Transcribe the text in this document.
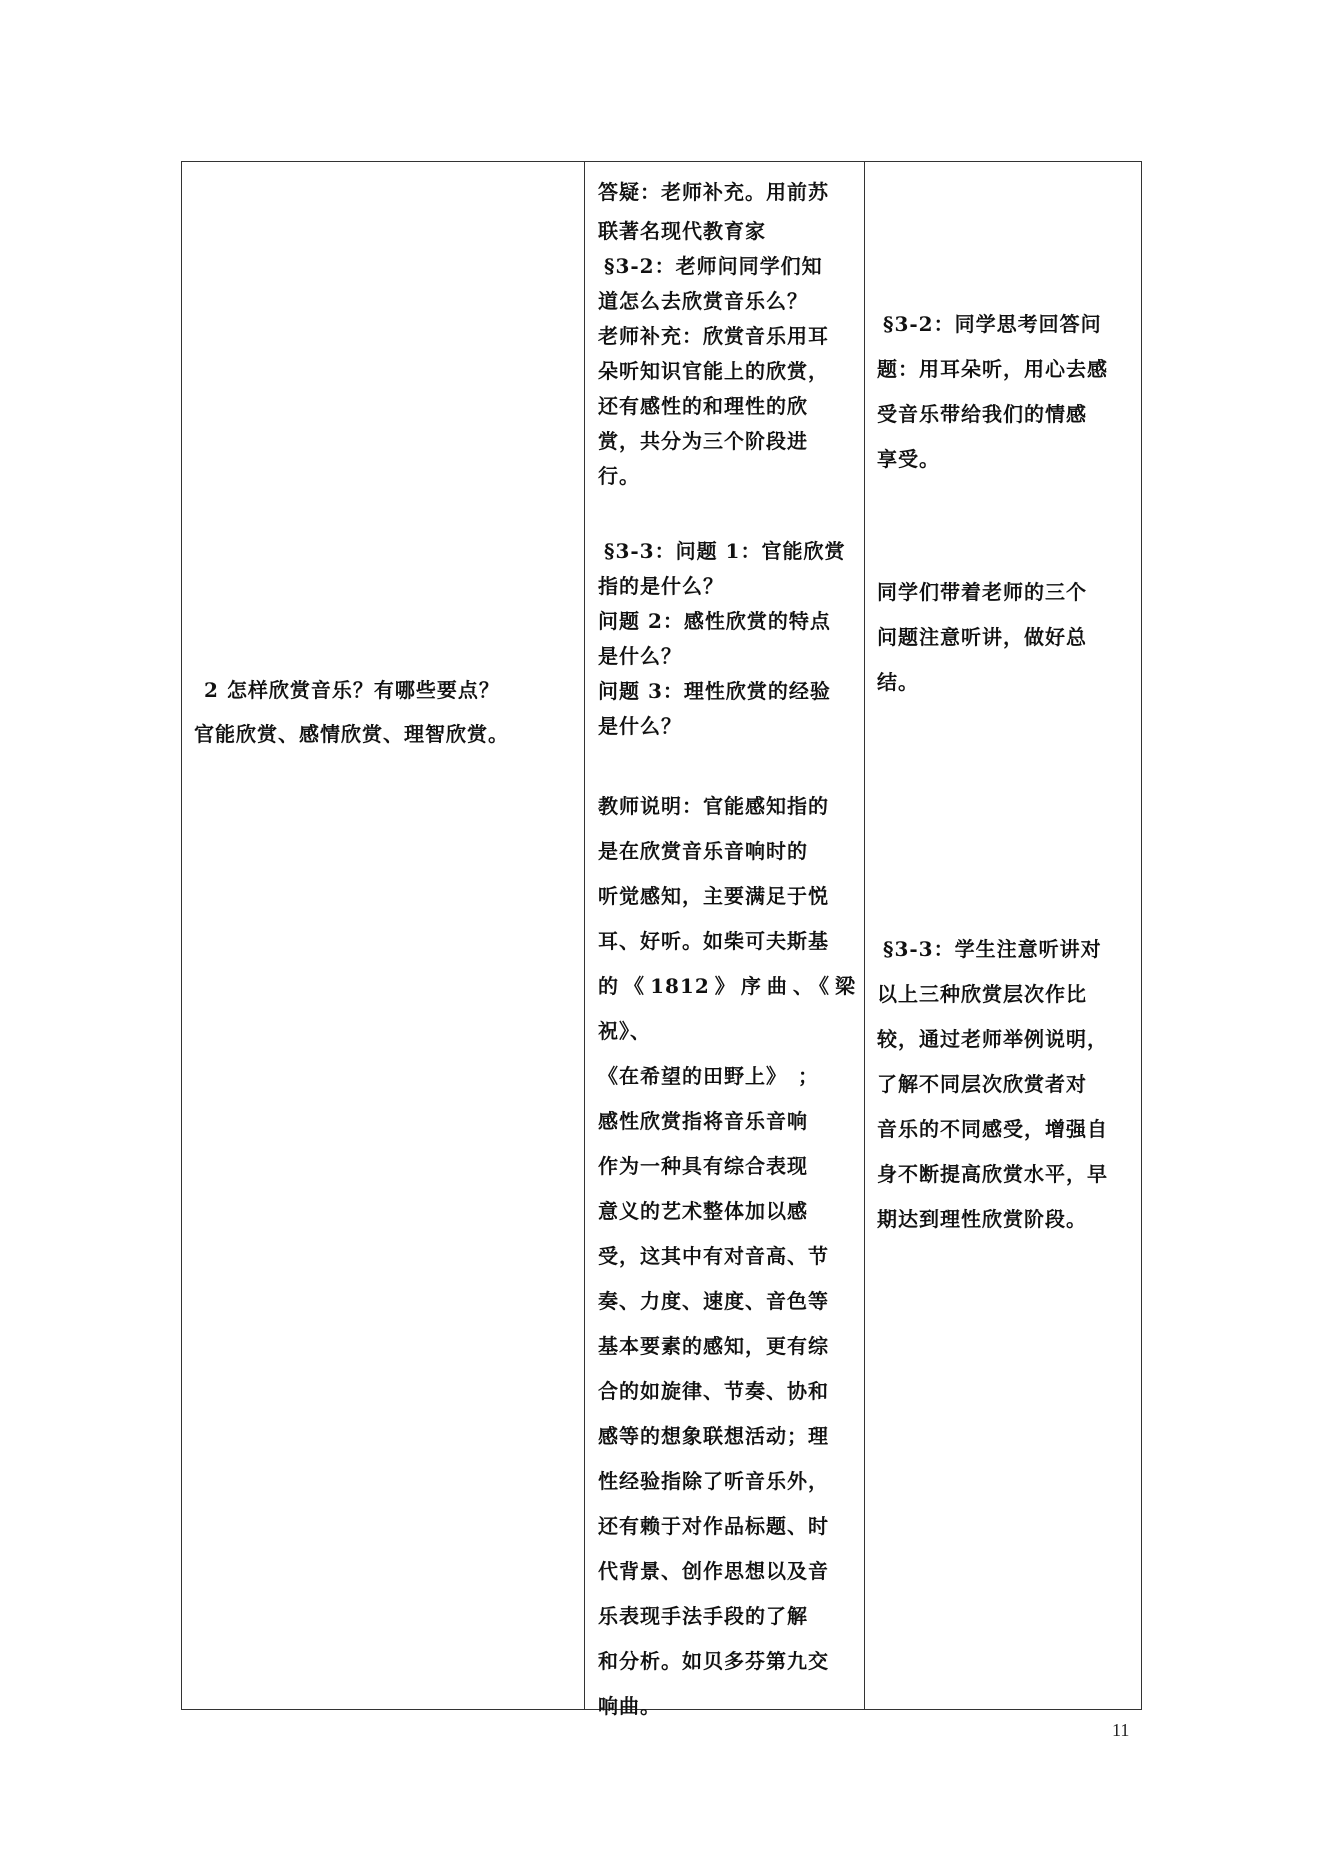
2 怎样欣赏音乐？有哪些要点？

官能欣赏、感情欣赏、理智欣赏。

答疑：老师补充。用前苏

联著名现代教育家

§3-2：老师问同学们知

道怎么去欣赏音乐么？

老师补充：欣赏音乐用耳

朵听知识官能上的欣赏，

还有感性的和理性的欣

赏，共分为三个阶段进

行。

§3-3：问题 1：官能欣赏

指的是什么？

问题 2：感性欣赏的特点

是什么？

问题 3：理性欣赏的经验

是什么？

教师说明：官能感知指的

是在欣赏音乐音响时的

听觉感知，主要满足于悦

耳、好听。如柴可夫斯基

的《1812》序曲、《梁祝》、

《在希望的田野上》　；

感性欣赏指将音乐音响

作为一种具有综合表现

意义的艺术整体加以感

受，这其中有对音高、节

奏、力度、速度、音色等

基本要素的感知，更有综

合的如旋律、节奏、协和

感等的想象联想活动；理

性经验指除了听音乐外，

还有赖于对作品标题、时

代背景、创作思想以及音

乐表现手法手段的了解

和分析。如贝多芬第九交

响曲。

§3-2：同学思考回答问

题：用耳朵听，用心去感

受音乐带给我们的情感

享受。

同学们带着老师的三个

问题注意听讲，做好总

结。

§3-3：学生注意听讲对

以上三种欣赏层次作比

较，通过老师举例说明，

了解不同层次欣赏者对

音乐的不同感受，增强自

身不断提高欣赏水平，早

期达到理性欣赏阶段。

11
